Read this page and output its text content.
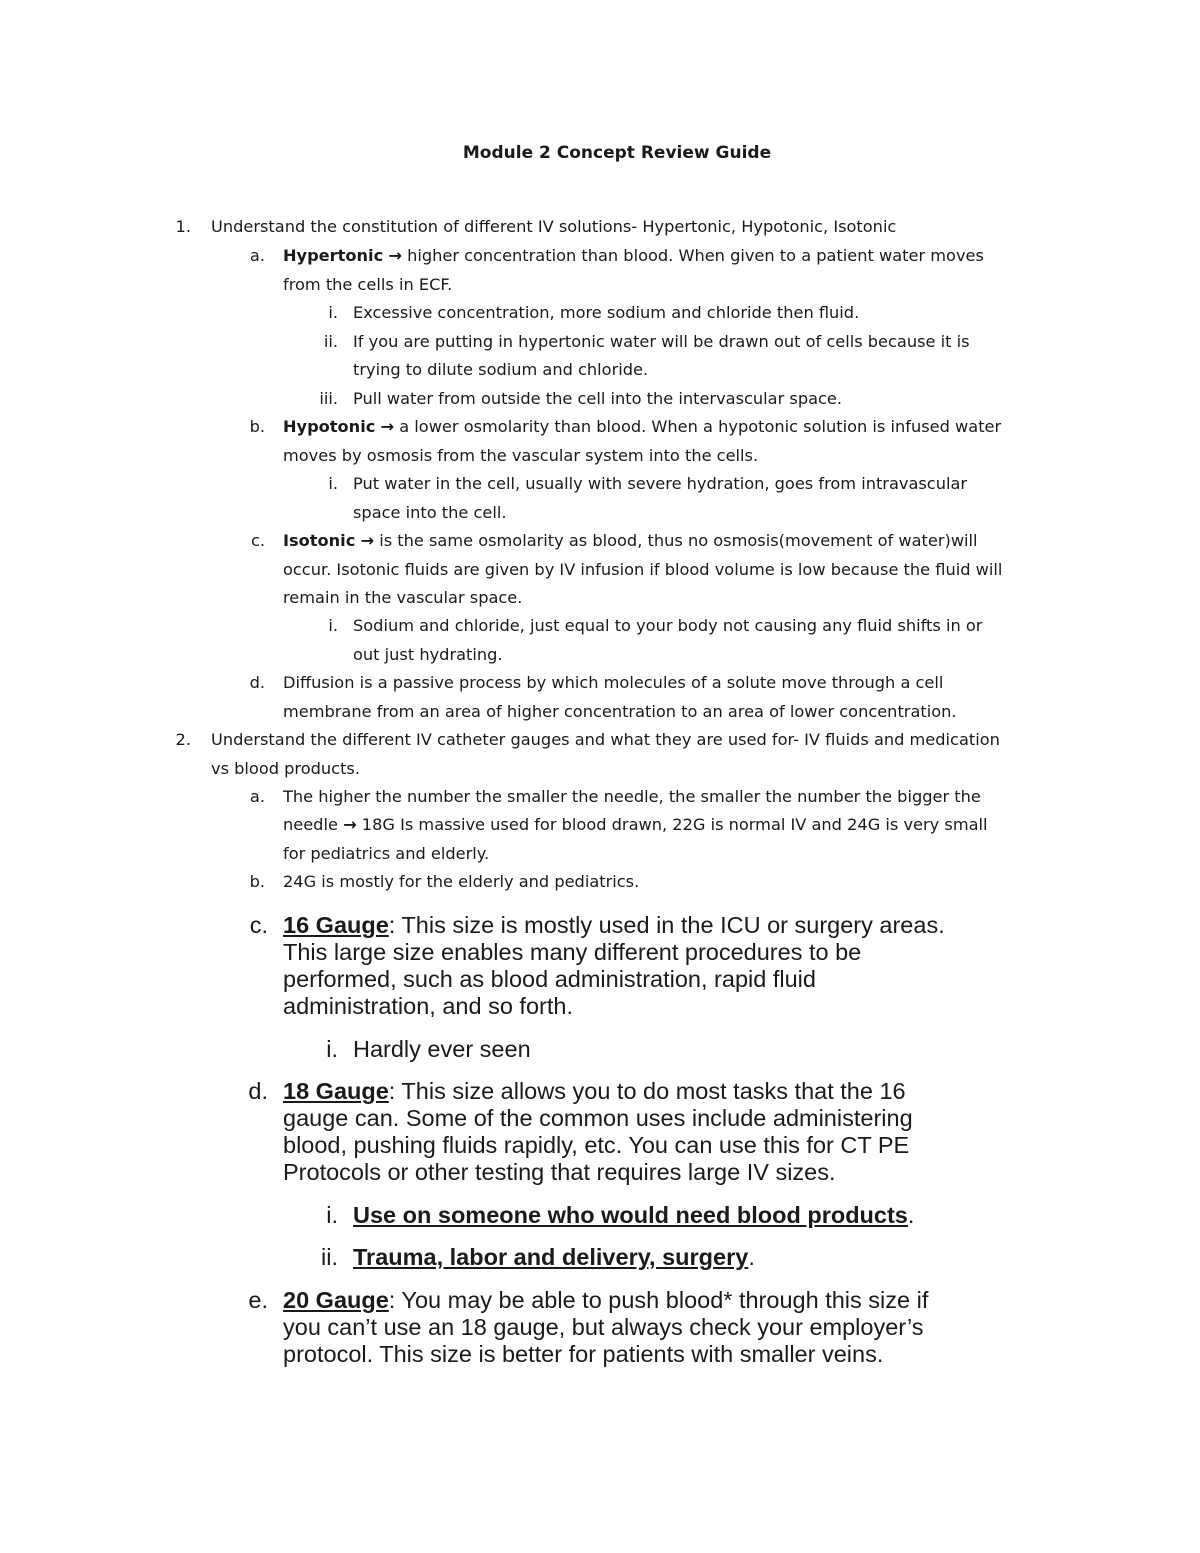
Module 2 Concept Review Guide
1. Understand the constitution of different IV solutions- Hypertonic, Hypotonic, Isotonic
a. Hypertonic → higher concentration than blood. When given to a patient water moves
from the cells in ECF.
i. Excessive concentration, more sodium and chloride then fluid.
ii. If you are putting in hypertonic water will be drawn out of cells because it is
trying to dilute sodium and chloride.
iii. Pull water from outside the cell into the intervascular space.
b. Hypotonic → a lower osmolarity than blood. When a hypotonic solution is infused water
moves by osmosis from the vascular system into the cells.
i. Put water in the cell, usually with severe hydration, goes from intravascular
space into the cell.
c. Isotonic → is the same osmolarity as blood, thus no osmosis(movement of water)will
occur. Isotonic fluids are given by IV infusion if blood volume is low because the fluid will
remain in the vascular space.
i. Sodium and chloride, just equal to your body not causing any fluid shifts in or
out just hydrating.
d. Diffusion is a passive process by which molecules of a solute move through a cell
membrane from an area of higher concentration to an area of lower concentration.
2. Understand the different IV catheter gauges and what they are used for- IV fluids and medication
vs blood products.
a. The higher the number the smaller the needle, the smaller the number the bigger the
needle → 18G Is massive used for blood drawn, 22G is normal IV and 24G is very small
for pediatrics and elderly.
b. 24G is mostly for the elderly and pediatrics.
c. 16 Gauge: This size is mostly used in the ICU or surgery areas.
This large size enables many different procedures to be
performed, such as blood administration, rapid fluid
administration, and so forth.
i. Hardly ever seen
d. 18 Gauge: This size allows you to do most tasks that the 16
gauge can. Some of the common uses include administering
blood, pushing fluids rapidly, etc. You can use this for CT PE
Protocols or other testing that requires large IV sizes.
i. Use on someone who would need blood products.
ii. Trauma, labor and delivery, surgery.
e. 20 Gauge: You may be able to push blood* through this size if
you can’t use an 18 gauge, but always check your employer’s
protocol. This size is better for patients with smaller veins.
